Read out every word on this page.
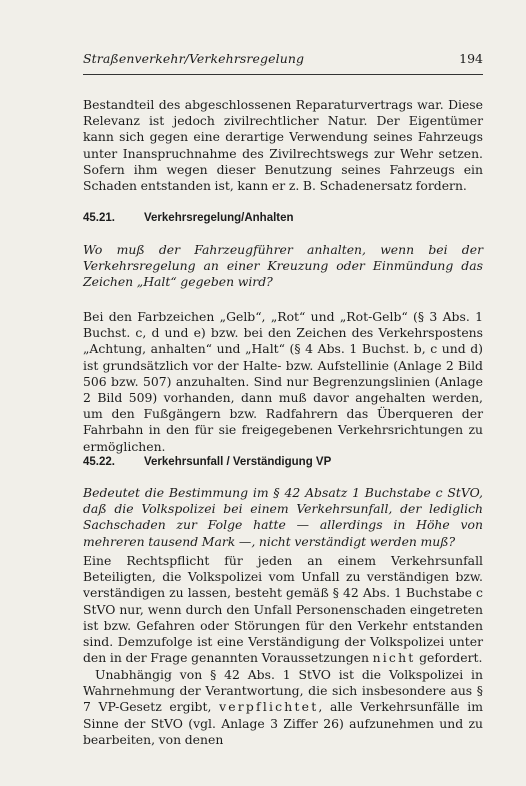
Straßenverkehr/Verkehrsregelung	194

Bestandteil des abgeschlossenen Reparaturvertrags war. Diese Relevanz ist jedoch zivilrechtlicher Natur. Der Eigentümer kann sich gegen eine derartige Verwendung seines Fahrzeugs unter Inanspruchnahme des Zivilrechtswegs zur Wehr setzen. Sofern ihm wegen dieser Benutzung seines Fahrzeugs ein Schaden entstanden ist, kann er z. B. Schadenersatz fordern.

45.21.	Verkehrsregelung/Anhalten

Wo muß der Fahrzeugführer anhalten, wenn bei der Verkehrsregelung an einer Kreuzung oder Einmündung das Zeichen „Halt“ gegeben wird?

Bei den Farbzeichen „Gelb“, „Rot“ und „Rot-Gelb“ (§ 3 Abs. 1 Buchst. c, d und e) bzw. bei den Zeichen des Verkehrspostens „Achtung, anhalten“ und „Halt“ (§ 4 Abs. 1 Buchst. b, c und d) ist grundsätzlich vor der Halte- bzw. Aufstellinie (Anlage 2 Bild 506 bzw. 507) anzuhalten. Sind nur Begrenzungslinien (Anlage 2 Bild 509) vorhanden, dann muß davor angehalten werden, um den Fußgängern bzw. Radfahrern das Überqueren der Fahrbahn in den für sie freigegebenen Verkehrsrichtungen zu ermöglichen.

45.22.	Verkehrsunfall / Verständigung VP

Bedeutet die Bestimmung im § 42 Absatz 1 Buchstabe c StVO, daß die Volkspolizei bei einem Verkehrsunfall, der lediglich Sachschaden zur Folge hatte — allerdings in Höhe von mehreren tausend Mark —, nicht verständigt werden muß?

Eine Rechtspflicht für jeden an einem Verkehrsunfall Beteiligten, die Volkspolizei vom Unfall zu verständigen bzw. verständigen zu lassen, besteht gemäß § 42 Abs. 1 Buchstabe c StVO nur, wenn durch den Unfall Personenschaden eingetreten ist bzw. Gefahren oder Störungen für den Verkehr entstanden sind. Demzufolge ist eine Verständigung der Volkspolizei unter den in der Frage genannten Voraussetzungen nicht gefordert.

Unabhängig von § 42 Abs. 1 StVO ist die Volkspolizei in Wahrnehmung der Verantwortung, die sich insbesondere aus § 7 VP-Gesetz ergibt, verpflichtet, alle Verkehrsunfälle im Sinne der StVO (vgl. Anlage 3 Ziffer 26) aufzunehmen und zu bearbeiten, von denen
